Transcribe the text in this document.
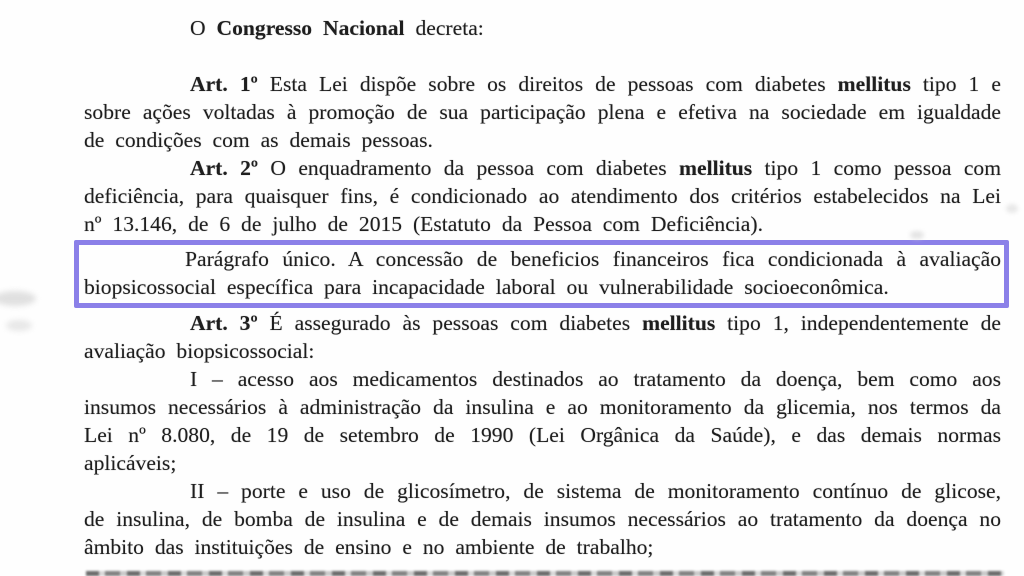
O Congresso Nacional decreta:

Art. 1º Esta Lei dispõe sobre os direitos de pessoas com diabetes mellitus tipo 1 e sobre ações voltadas à promoção de sua participação plena e efetiva na sociedade em igualdade de condições com as demais pessoas.

Art. 2º O enquadramento da pessoa com diabetes mellitus tipo 1 como pessoa com deficiência, para quaisquer fins, é condicionado ao atendimento dos critérios estabelecidos na Lei nº 13.146, de 6 de julho de 2015 (Estatuto da Pessoa com Deficiência).

Parágrafo único. A concessão de beneficios financeiros fica condicionada à avaliação biopsicossocial específica para incapacidade laboral ou vulnerabilidade socioeconômica.

Art. 3º É assegurado às pessoas com diabetes mellitus tipo 1, independentemente de avaliação biopsicossocial:

I – acesso aos medicamentos destinados ao tratamento da doença, bem como aos insumos necessários à administração da insulina e ao monitoramento da glicemia, nos termos da Lei nº 8.080, de 19 de setembro de 1990 (Lei Orgânica da Saúde), e das demais normas aplicáveis;

II – porte e uso de glicosímetro, de sistema de monitoramento contínuo de glicose, de insulina, de bomba de insulina e de demais insumos necessários ao tratamento da doença no âmbito das instituições de ensino e no ambiente de trabalho;
